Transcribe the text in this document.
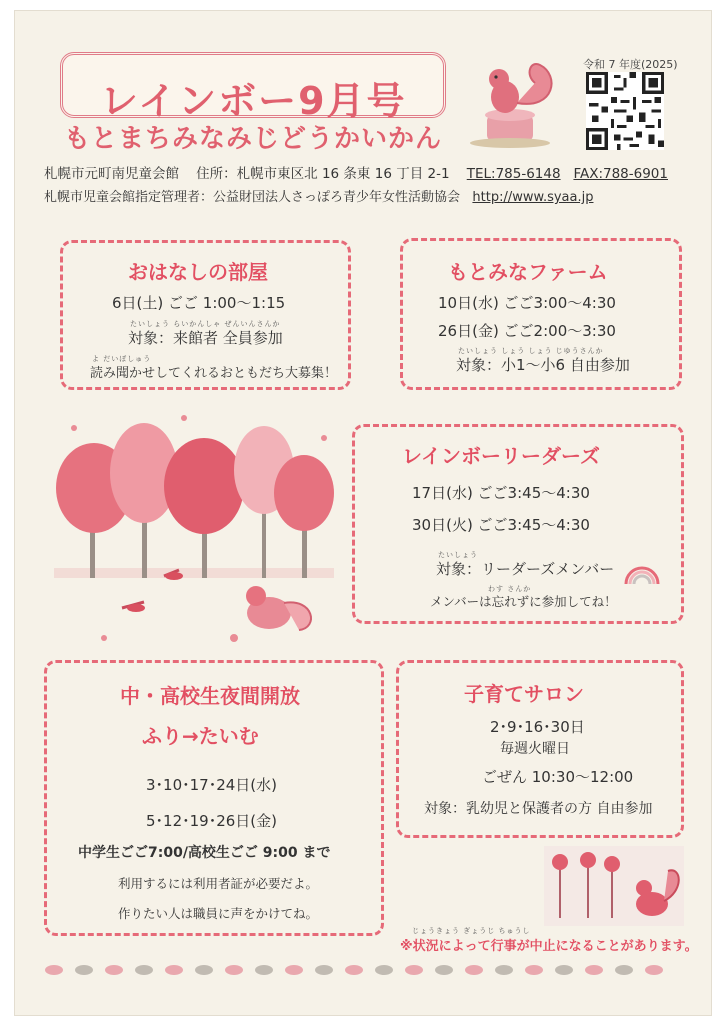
レインボー9月号
もとまちみなみじどうかいかん
令和 7 年度(2025)
札幌市元町南児童会館 住所：札幌市東区北 16 条東 16 丁目 2-1 TEL:785-6148 FAX:788-6901
札幌市児童会館指定管理者：公益財団法人さっぽろ青少年女性活動協会 http://www.syaa.jp
おはなしの部屋
6日(土) ごご 1:00～1:15
たいしょう らいかんしゃ ぜんいんさんか
対象：来館者 全員参加
よ だいぼしゅう
読み聞かせしてくれるおともだち大募集！
もとみなファーム
10日(水) ごご3:00～4:30
26日(金) ごご2:00～3:30
たいしょう しょう しょう じゆうさんか
対象：小1～小6 自由参加
レインボーリーダーズ
17日(水) ごご3:45～4:30
30日(火) ごご3:45～4:30
たいしょう
対象：リーダーズメンバー
わす さんか
メンバーは忘れずに参加してね！
中・高校生夜間開放
ふり→たいむ
3･10･17･24日(水)
5･12･19･26日(金)
中学生ごご7:00/高校生ごご 9:00 まで
利用するには利用者証が必要だよ。
作りたい人は職員に声をかけてね。
子育てサロン
2･9･16･30日
毎週火曜日
ごぜん 10:30～12:00
対象：乳幼児と保護者の方 自由参加
じょうきょう ぎょうじ ちゅうし
※状況によって行事が中止になることがあります。
